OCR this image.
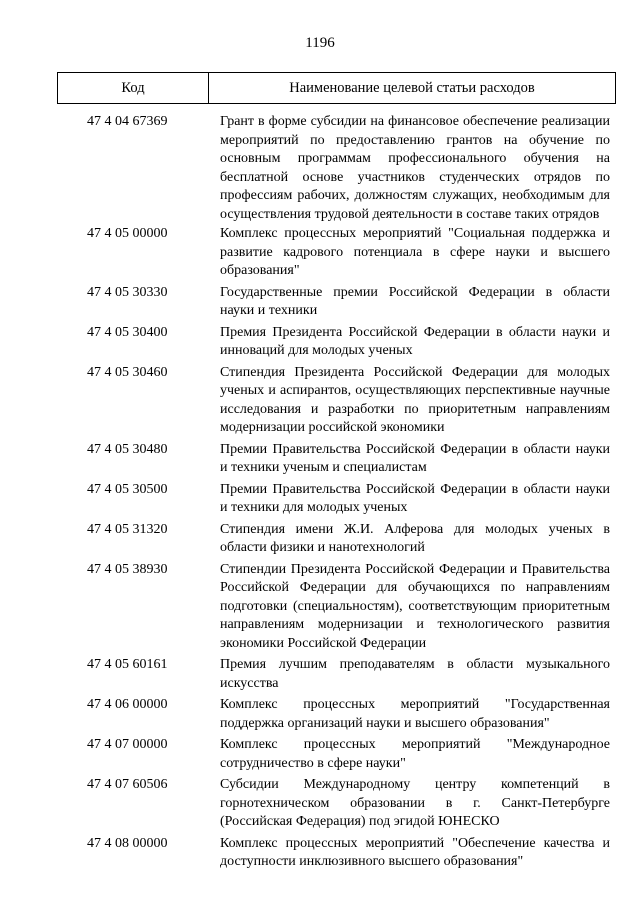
1196
Код	Наименование целевой статьи расходов
47 4 04 67369	Грант в форме субсидии на финансовое обеспечение реализации мероприятий по предоставлению грантов на обучение по основным программам профессионального обучения на бесплатной основе участников студенческих отрядов по профессиям рабочих, должностям служащих, необходимым для осуществления трудовой деятельности в составе таких отрядов
47 4 05 00000	Комплекс процессных мероприятий "Социальная поддержка и развитие кадрового потенциала в сфере науки и высшего образования"
47 4 05 30330	Государственные премии Российской Федерации в области науки и техники
47 4 05 30400	Премия Президента Российской Федерации в области науки и инноваций для молодых ученых
47 4 05 30460	Стипендия Президента Российской Федерации для молодых ученых и аспирантов, осуществляющих перспективные научные исследования и разработки по приоритетным направлениям модернизации российской экономики
47 4 05 30480	Премии Правительства Российской Федерации в области науки и техники ученым и специалистам
47 4 05 30500	Премии Правительства Российской Федерации в области науки и техники для молодых ученых
47 4 05 31320	Стипендия имени Ж.И. Алферова для молодых ученых в области физики и нанотехнологий
47 4 05 38930	Стипендии Президента Российской Федерации и Правительства Российской Федерации для обучающихся по направлениям подготовки (специальностям), соответствующим приоритетным направлениям модернизации и технологического развития экономики Российской Федерации
47 4 05 60161	Премия лучшим преподавателям в области музыкального искусства
47 4 06 00000	Комплекс процессных мероприятий "Государственная поддержка организаций науки и высшего образования"
47 4 07 00000	Комплекс процессных мероприятий "Международное сотрудничество в сфере науки"
47 4 07 60506	Субсидии Международному центру компетенций в горнотехническом образовании в г. Санкт-Петербурге (Российская Федерация) под эгидой ЮНЕСКО
47 4 08 00000	Комплекс процессных мероприятий "Обеспечение качества и доступности инклюзивного высшего образования"
